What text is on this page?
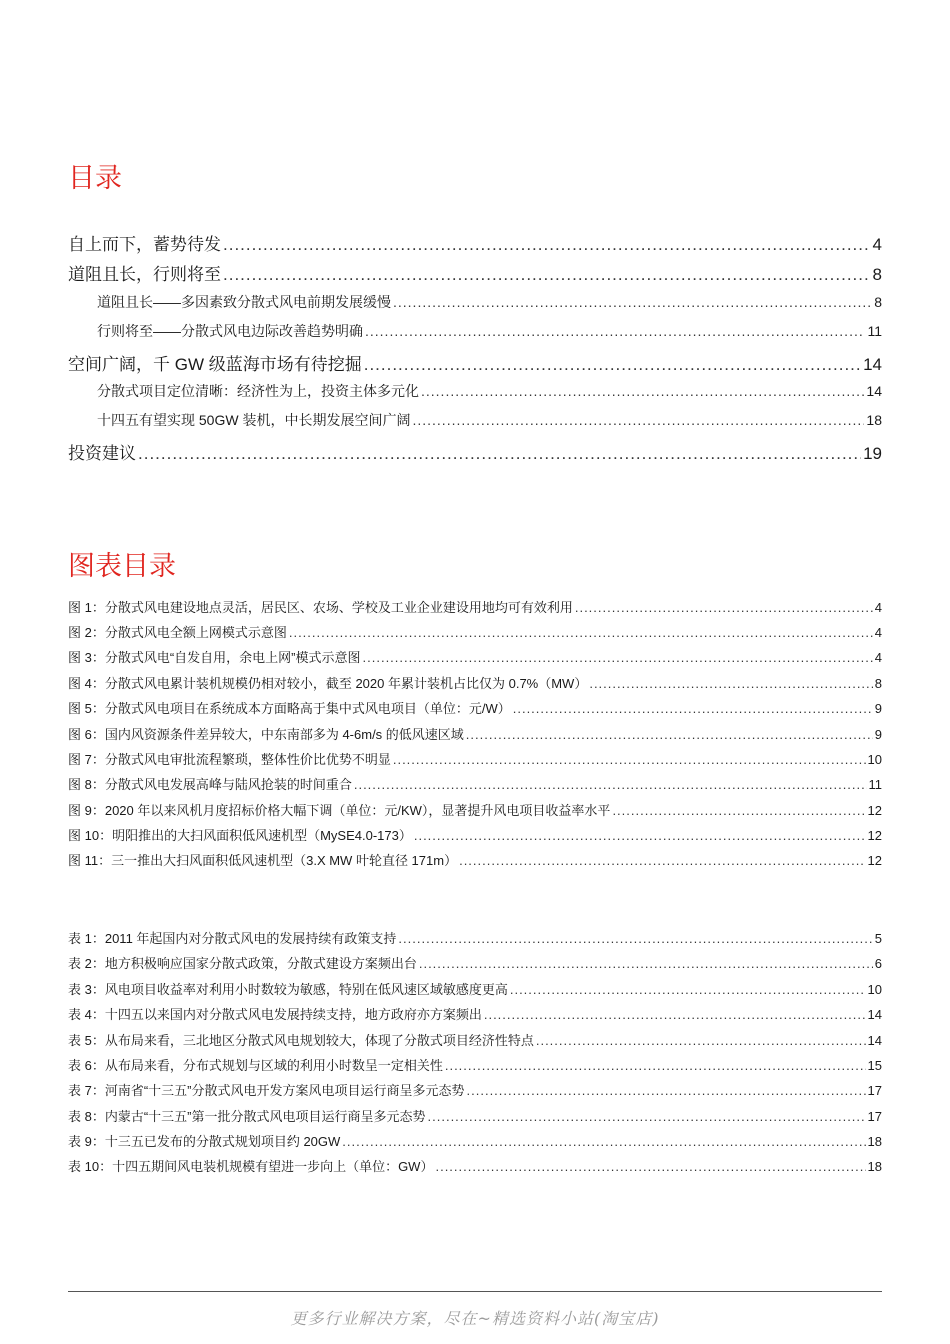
目录
自上而下，蓄势待发 .....	4
道阻且长，行则将至 .....	8
道阻且长——多因素致分散式风电前期发展缓慢 .....	8
行则将至——分散式风电边际改善趋势明确 .....	11
空间广阔，千 GW 级蓝海市场有待挖掘 .....	14
分散式项目定位清晰：经济性为上，投资主体多元化 .....	14
十四五有望实现 50GW 装机，中长期发展空间广阔 .....	18
投资建议 .....	19
图表目录
图 1：分散式风电建设地点灵活，居民区、农场、学校及工业企业建设用地均可有效利用 .....	4
图 2：分散式风电全额上网模式示意图 .....	4
图 3：分散式风电“自发自用，余电上网”模式示意图 .....	4
图 4：分散式风电累计装机规模仍相对较小，截至 2020 年累计装机占比仅为 0.7%（MW） .....	8
图 5：分散式风电项目在系统成本方面略高于集中式风电项目（单位：元/W） .....	9
图 6：国内风资源条件差异较大，中东南部多为 4-6m/s 的低风速区域 .....	9
图 7：分散式风电审批流程繁琐，整体性价比优势不明显 .....	10
图 8：分散式风电发展高峰与陆风抢装的时间重合 .....	11
图 9：2020 年以来风机月度招标价格大幅下调（单位：元/KW），显著提升风电项目收益率水平 .....	12
图 10：明阳推出的大扫风面积低风速机型（MySE4.0-173） .....	12
图 11：三一推出大扫风面积低风速机型（3.X MW 叶轮直径 171m） .....	12
表 1：2011 年起国内对分散式风电的发展持续有政策支持 .....	5
表 2：地方积极响应国家分散式政策，分散式建设方案频出台 .....	6
表 3：风电项目收益率对利用小时数较为敏感，特别在低风速区域敏感度更高 .....	10
表 4：十四五以来国内对分散式风电发展持续支持，地方政府亦方案频出 .....	14
表 5：从布局来看，三北地区分散式风电规划较大，体现了分散式项目经济性特点 .....	14
表 6：从布局来看，分布式规划与区域的利用小时数呈一定相关性 .....	15
表 7：河南省“十三五”分散式风电开发方案风电项目运行商呈多元态势 .....	17
表 8：内蒙古“十三五”第一批分散式风电项目运行商呈多元态势 .....	17
表 9：十三五已发布的分散式规划项目约 20GW .....	18
表 10：十四五期间风电装机规模有望进一步向上（单位：GW） .....	18
更多行业解决方案，尽在~精选资料小站(淘宝店)
